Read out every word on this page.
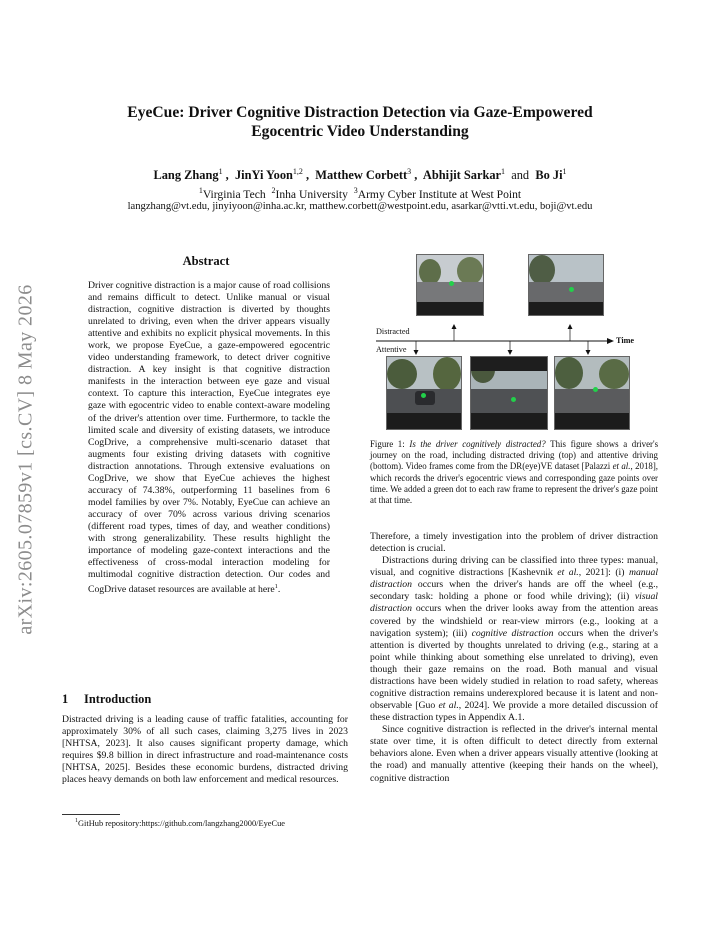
EyeCue: Driver Cognitive Distraction Detection via Gaze-Empowered
Egocentric Video Understanding
Lang Zhang$^1$ ,  JinYi Yoon$^{1,2}$ ,  Matthew Corbett$^3$ ,  Abhijit Sarkar$^1$ and Bo Ji$^1$
$^1$Virginia Tech $^2$Inha University $^3$Army Cyber Institute at West Point
langzhang@vt.edu, jinyiyoon@inha.ac.kr, matthew.corbett@westpoint.edu, asarkar@vtti.vt.edu, boji@vt.edu
arXiv:2605.07859v1 [cs.CV] 8 May 2026
Abstract
Driver cognitive distraction is a major cause of road collisions and remains difficult to detect. Unlike manual or visual distraction, cognitive distraction is diverted by thoughts unrelated to driving, even when the driver appears visually attentive and exhibits no explicit physical movements. In this work, we propose EyeCue, a gaze-empowered egocentric video understanding framework, to detect driver cognitive distraction. A key insight is that cognitive distraction manifests in the interaction between eye gaze and visual context. To capture this interaction, EyeCue integrates eye gaze with egocentric video to enable context-aware modeling of the driver's attention over time. Furthermore, to tackle the limited scale and diversity of existing datasets, we introduce CogDrive, a comprehensive multi-scenario dataset that augments four existing driving datasets with cognitive distraction annotations. Through extensive evaluations on CogDrive, we show that EyeCue achieves the highest accuracy of 74.38%, outperforming 11 baselines from 6 model families by over 7%. Notably, EyeCue can achieve an accuracy of over 70% across various driving scenarios (different road types, times of day, and weather conditions) with strong generalizability. These results highlight the importance of modeling gaze-context interactions and the effectiveness of cross-modal interaction modeling for multimodal cognitive distraction detection. Our codes and CogDrive dataset resources are available at here$^1$.
1 Introduction
Distracted driving is a leading cause of traffic fatalities, accounting for approximately 30% of all such cases, claiming 3,275 lives in 2023 [NHTSA, 2023]. It also causes significant property damage, which requires $9.8 billion in direct infrastructure and road-maintenance costs [NHTSA, 2025]. Besides these economic burdens, distracted driving places heavy demands on both law enforcement and medical resources.
$^1$GitHub repository:https://github.com/langzhang2000/EyeCue
Distracted
Attentive
Time
Figure 1: Is the driver cognitively distracted? This figure shows a driver's journey on the road, including distracted driving (top) and attentive driving (bottom). Video frames come from the DR(eye)VE dataset [Palazzi et al., 2018], which records the driver's egocentric views and corresponding gaze points over time. We added a green dot to each raw frame to represent the driver's gaze point at that time.

Therefore, a timely investigation into the problem of driver distraction detection is crucial.

Distractions during driving can be classified into three types: manual, visual, and cognitive distractions [Kashevnik et al., 2021]: (i) manual distraction occurs when the driver's hands are off the wheel (e.g., secondary task: holding a phone or food while driving); (ii) visual distraction occurs when the driver looks away from the attention areas covered by the windshield or rear-view mirrors (e.g., looking at a navigation system); (iii) cognitive distraction occurs when the driver's attention is diverted by thoughts unrelated to driving (e.g., staring at a point while thinking about something else unrelated to driving), even though their gaze remains on the road. Both manual and visual distractions have been widely studied in relation to road safety, whereas cognitive distraction remains underexplored because it is latent and non-observable [Guo et al., 2024]. We provide a more detailed discussion of these distraction types in Appendix A.1.

Since cognitive distraction is reflected in the driver's internal mental state over time, it is often difficult to detect directly from external behaviors alone. Even when a driver appears visually attentive (looking at the road) and manually attentive (keeping their hands on the wheel), cognitive distraction
